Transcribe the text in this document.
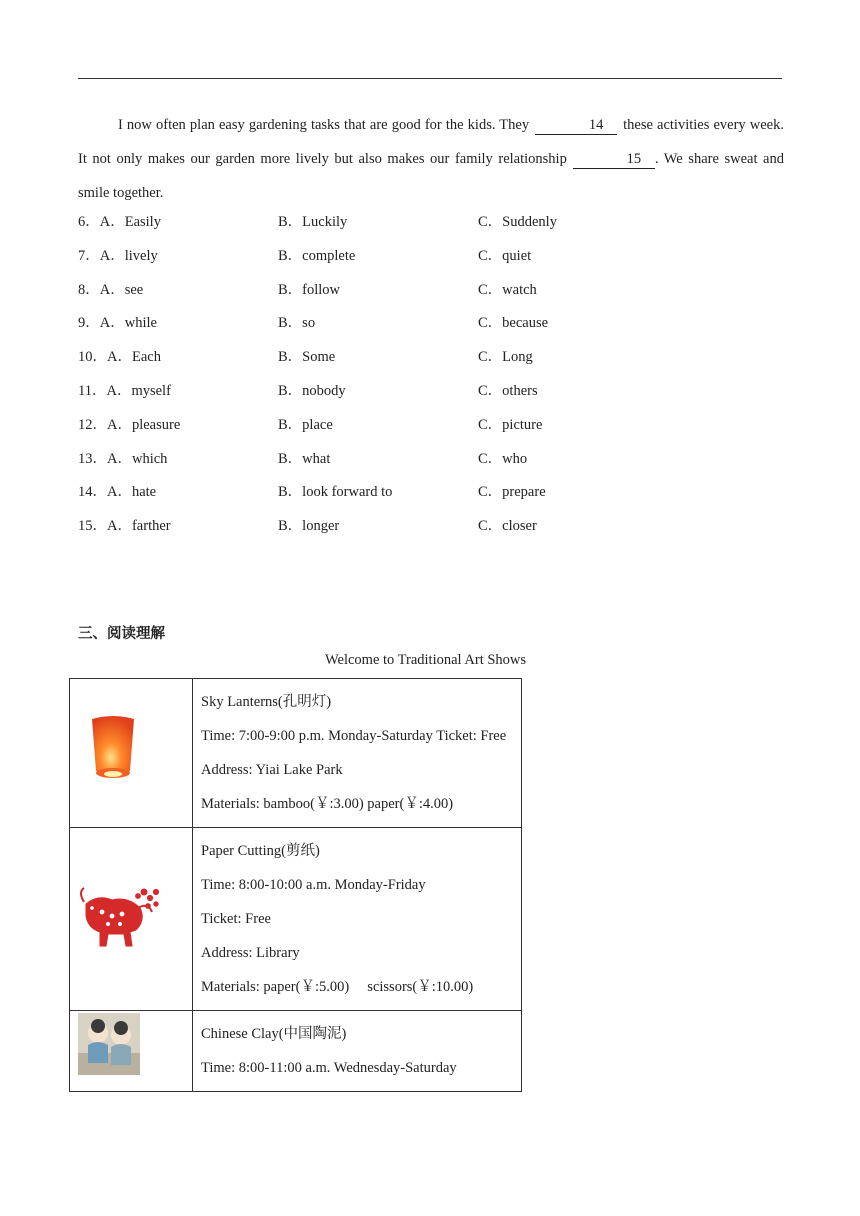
I now often plan easy gardening tasks that are good for the kids. They	14 these activities every week. It not only makes our garden more lively but also makes our family relationship	15 . We share sweat and smile together.

6．A．Easily	B．Luckily	C．Suddenly
7．A．lively	B．complete	C．quiet
8．A．see	B．follow	C．watch
9．A．while	B．so	C．because
10．A．Each	B．Some	C．Long
11．A．myself	B．nobody	C．others
12．A．pleasure	B．place	C．picture
13．A．which	B．what	C．who
14．A．hate	B．look forward to	C．prepare
15．A．farther	B．longer	C．closer
三、阅读理解
Welcome to Traditional Art Shows

Sky Lanterns(孔明灯)
Time: 7:00-9:00 p.m. Monday-Saturday Ticket: Free
Address: Yiai Lake Park
Materials: bamboo(￥:3.00) paper(￥:4.00)

Paper Cutting(剪纸)
Time: 8:00-10:00 a.m. Monday-Friday
Ticket: Free
Address: Library
Materials: paper(￥:5.00)     scissors(￥:10.00)

Chinese Clay(中国陶泥)
Time: 8:00-11:00 a.m. Wednesday-Saturday
